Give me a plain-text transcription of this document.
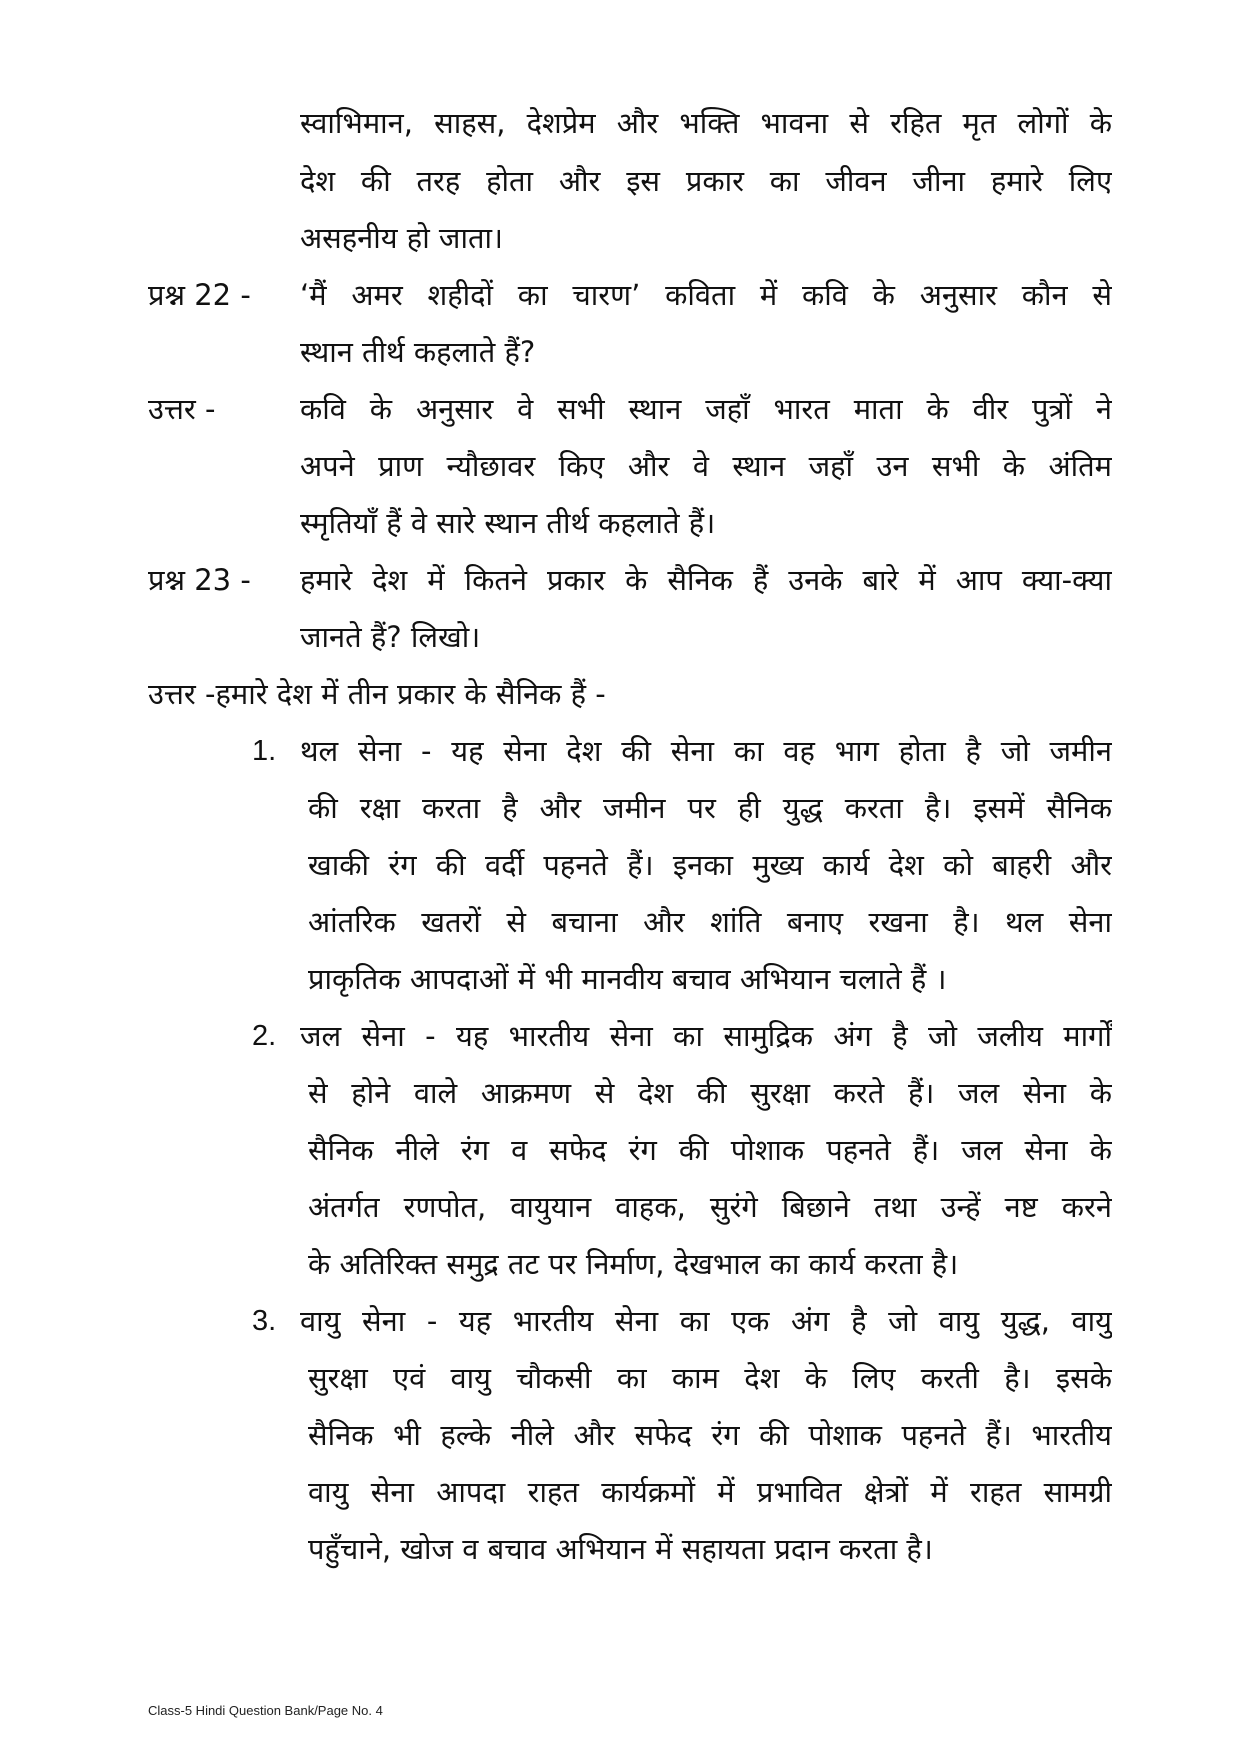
स्वाभिमान, साहस, देशप्रेम और भक्ति भावना से रहित मृत लोगों के
देश की तरह होता और इस प्रकार का जीवन जीना हमारे लिए
असहनीय हो जाता।
प्रश्न 22 - ‘मैं अमर शहीदों का चारण’ कविता में कवि के अनुसार कौन से
स्थान तीर्थ कहलाते हैं?
उत्तर -	कवि के अनुसार वे सभी स्थान जहाँ भारत माता के वीर पुत्रों ने
अपने प्राण न्यौछावर किए और वे स्थान जहाँ उन सभी के अंतिम
स्मृतियाँ हैं वे सारे स्थान तीर्थ कहलाते हैं।
प्रश्न 23 - हमारे देश में कितने प्रकार के सैनिक हैं उनके बारे में आप क्या-क्या
जानते हैं? लिखो।
उत्तर -हमारे देश में तीन प्रकार के सैनिक हैं -
1. थल सेना - यह सेना देश की सेना का वह भाग होता है जो जमीन
की रक्षा करता है और जमीन पर ही युद्ध करता है। इसमें सैनिक
खाकी रंग की वर्दी पहनते हैं। इनका मुख्य कार्य देश को बाहरी और
आंतरिक खतरों से बचाना और शांति बनाए रखना है। थल सेना
प्राकृतिक आपदाओं में भी मानवीय बचाव अभियान चलाते हैं ।
2. जल सेना - यह भारतीय सेना का सामुद्रिक अंग है जो जलीय मार्गों
से होने वाले आक्रमण से देश की सुरक्षा करते हैं। जल सेना के
सैनिक नीले रंग व सफेद रंग की पोशाक पहनते हैं। जल सेना के
अंतर्गत रणपोत, वायुयान वाहक, सुरंगे बिछाने तथा उन्हें नष्ट करने
के अतिरिक्त समुद्र तट पर निर्माण, देखभाल का कार्य करता है।
3. वायु सेना - यह भारतीय सेना का एक अंग है जो वायु युद्ध, वायु
सुरक्षा एवं वायु चौकसी का काम देश के लिए करती है। इसके
सैनिक भी हल्के नीले और सफेद रंग की पोशाक पहनते हैं। भारतीय
वायु सेना आपदा राहत कार्यक्रमों में प्रभावित क्षेत्रों में राहत सामग्री
पहुँचाने, खोज व बचाव अभियान में सहायता प्रदान करता है।
Class-5 Hindi Question Bank/Page No. 4
